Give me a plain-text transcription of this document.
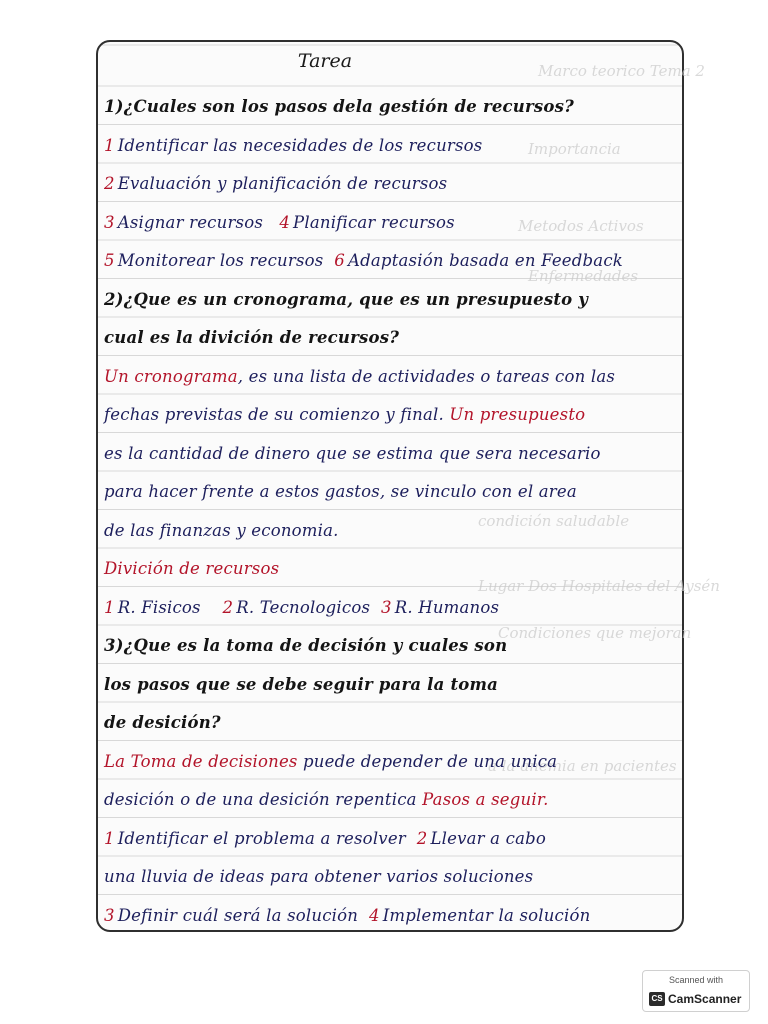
Marco teorico Tema 2
Importancia
Metodos Activos
Enfermedades
condición saludable
Lugar Dos Hospitales del Aysén
Condiciones que mejoran
a la anemia en pacientes
Tarea
1)¿Cuales son los pasos dela gestión de recursos?
1 Identificar las necesidades de los recursos
2 Evaluación y planificación de recursos
3 Asignar recursos   4 Planificar recursos
5 Monitorear los recursos  6 Adaptasión basada en Feedback
2)¿Que es un cronograma, que es un presupuesto y
cual es la divición de recursos?
Un cronograma, es una lista de actividades o tareas con las
fechas previstas de su comienzo y final. Un presupuesto
es la cantidad de dinero que se estima que sera necesario
para hacer frente a estos gastos, se vinculo con el area
de las finanzas y economia.
Divición de recursos
1 R. Fisicos    2 R. Tecnologicos  3 R. Humanos
3)¿Que es la toma de decisión y cuales son
los pasos que se debe seguir para la toma
de desición?
La Toma de decisiones puede depender de una unica
desición o de una desición repentica Pasos a seguir.
1 Identificar el problema a resolver  2 Llevar a cabo
una lluvia de ideas para obtener varios soluciones
3 Definir cuál será la solución  4 Implementar la solución
Scanned with
CS CamScanner
